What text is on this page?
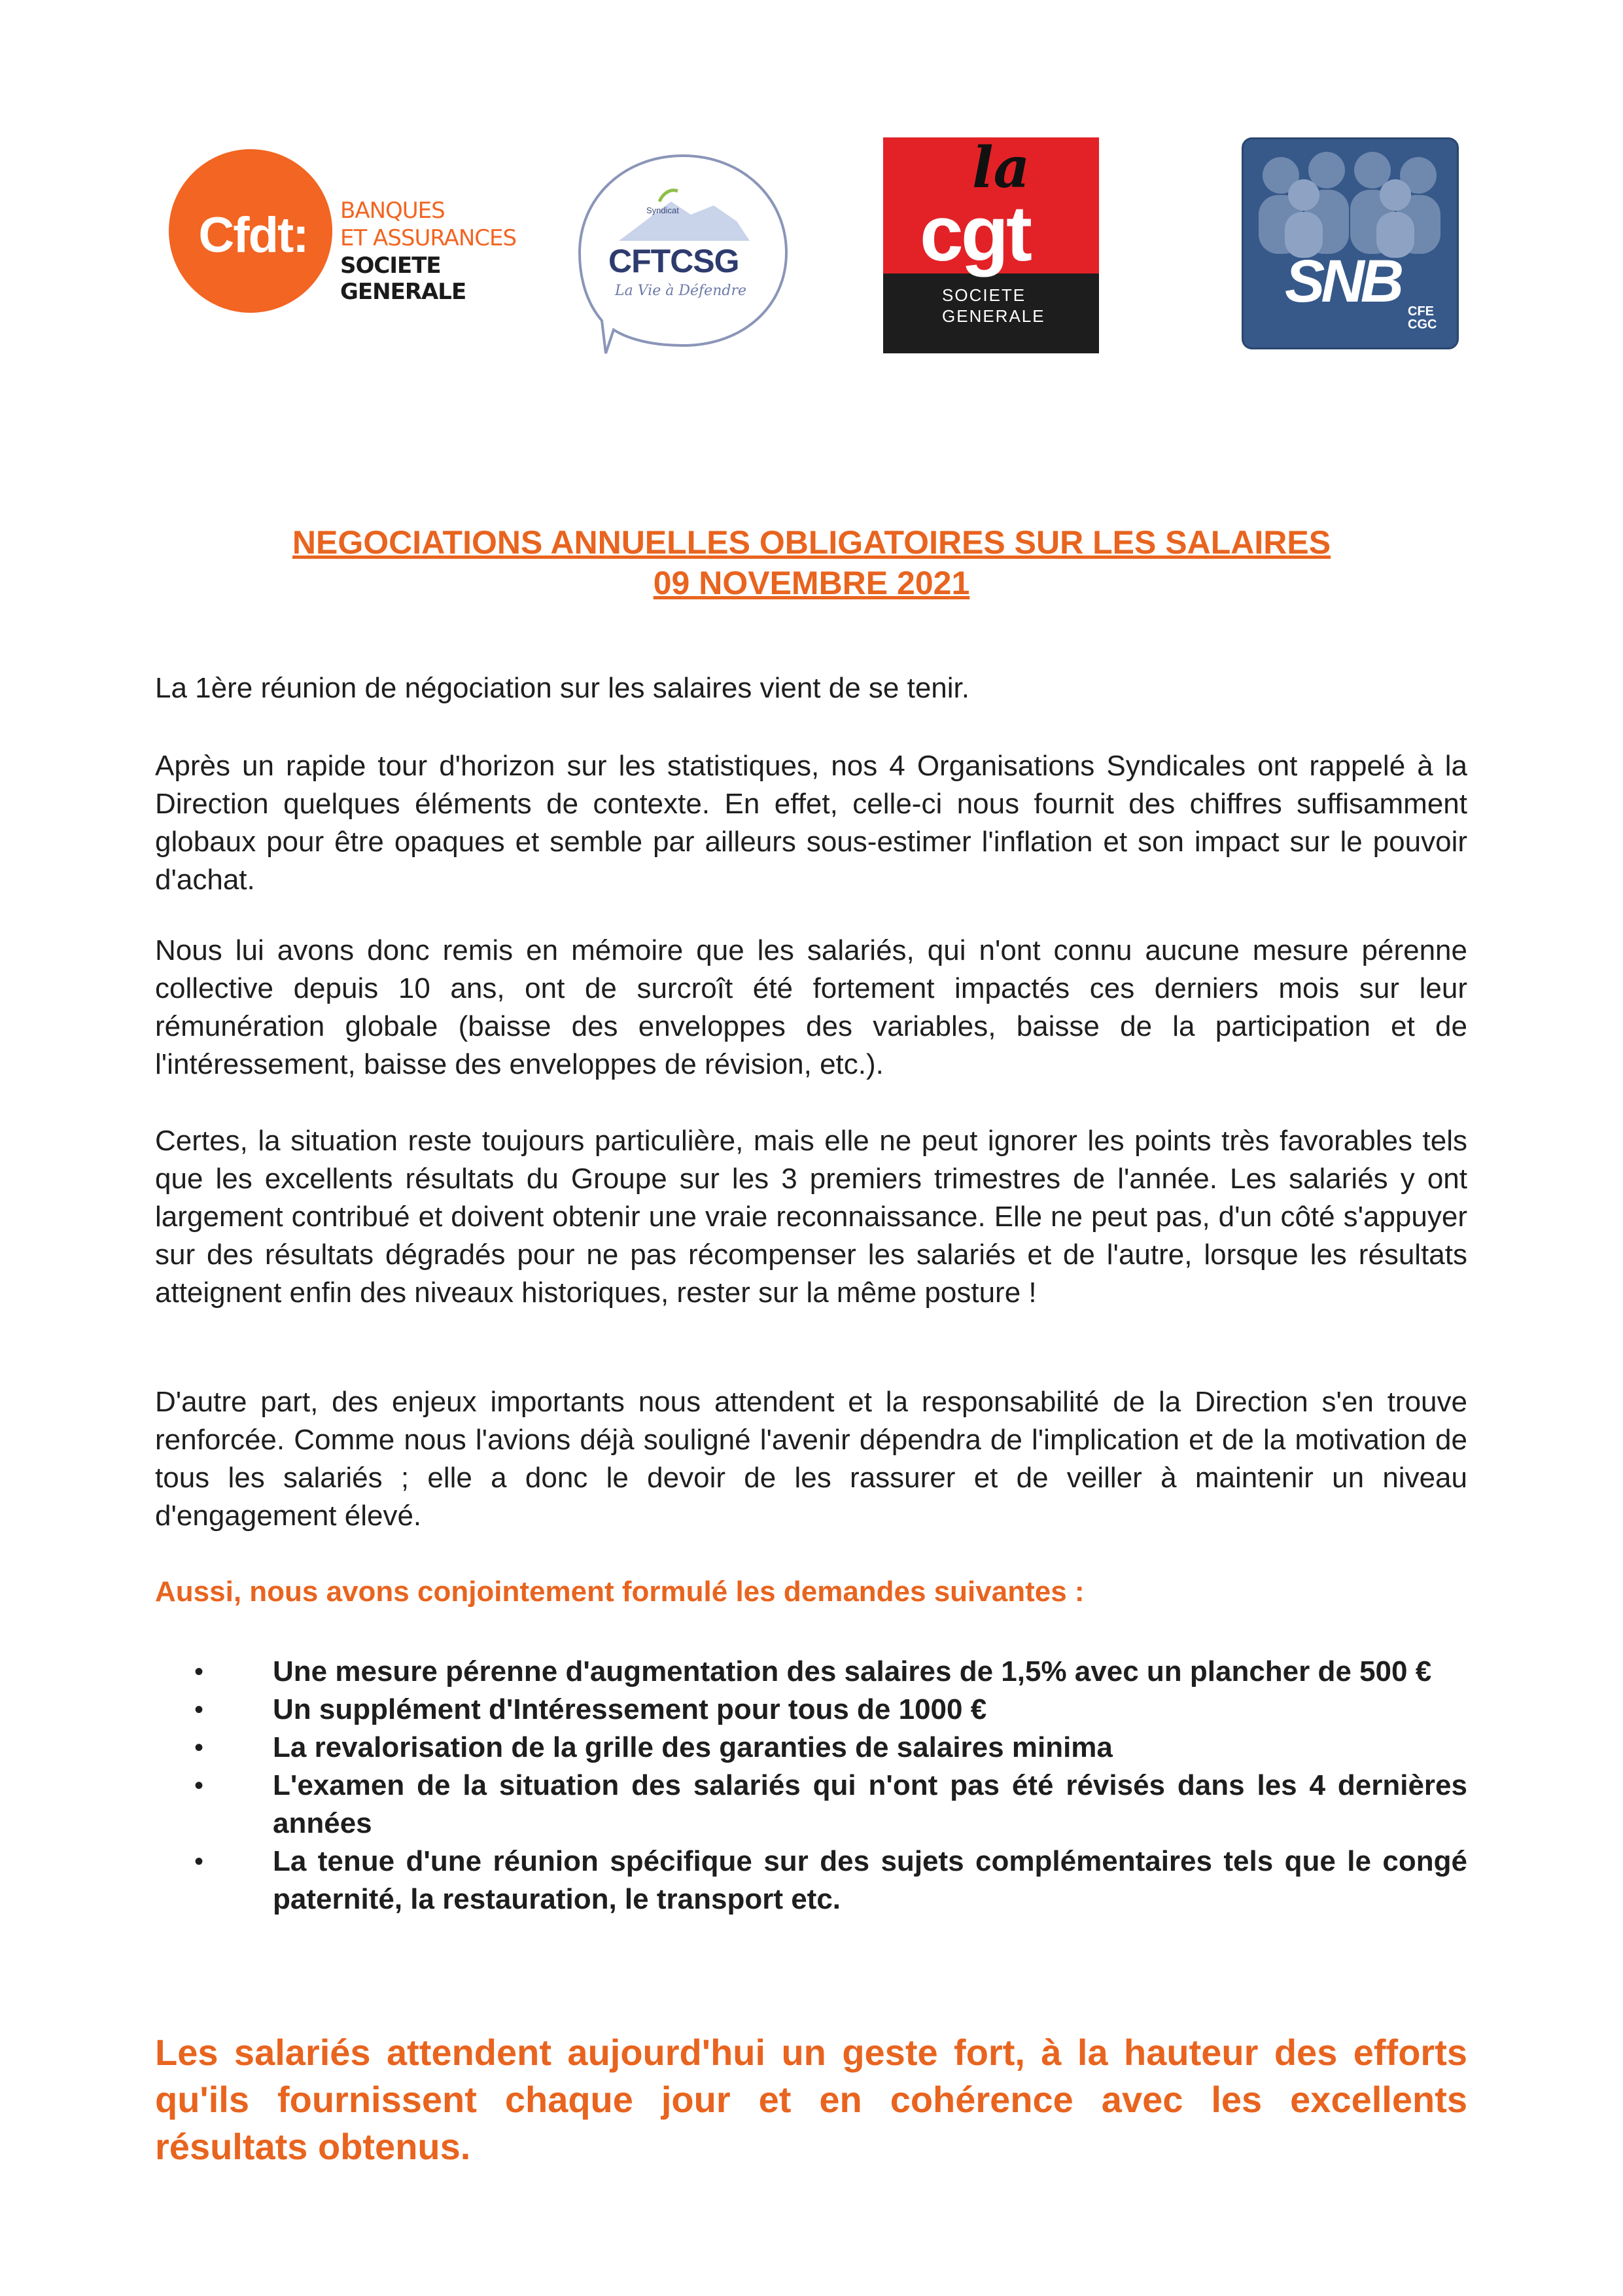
Cfdt:	BANQUES
ET ASSURANCES
SOCIETE GENERALE
Syndicat
CFTCSG
La Vie à Défendre
la
cgt
SOCIETE
GENERALE
SNB CFE
CGC
NEGOCIATIONS ANNUELLES OBLIGATOIRES SUR LES SALAIRES
09 NOVEMBRE 2021

La 1ère réunion de négociation sur les salaires vient de se tenir.

Après un rapide tour d'horizon sur les statistiques, nos 4 Organisations Syndicales ont rappelé à la Direction quelques éléments de contexte. En effet, celle-ci nous fournit des chiffres suffisamment globaux pour être opaques et semble par ailleurs sous-estimer l'inflation et son impact sur le pouvoir d'achat.

Nous lui avons donc remis en mémoire que les salariés, qui n'ont connu aucune mesure pérenne collective depuis 10 ans, ont de surcroît été fortement impactés ces derniers mois sur leur rémunération globale (baisse des enveloppes des variables, baisse de la participation et de l'intéressement, baisse des enveloppes de révision, etc.).

Certes, la situation reste toujours particulière, mais elle ne peut ignorer les points très favorables tels que les excellents résultats du Groupe sur les 3 premiers trimestres de l'année. Les salariés y ont largement contribué et doivent obtenir une vraie reconnaissance. Elle ne peut pas, d'un côté s'appuyer sur des résultats dégradés pour ne pas récompenser les salariés et de l'autre, lorsque les résultats atteignent enfin des niveaux historiques, rester sur la même posture !

D'autre part, des enjeux importants nous attendent et la responsabilité de la Direction s'en trouve renforcée. Comme nous l'avions déjà souligné l'avenir dépendra de l'implication et de la motivation de tous les salariés ; elle a donc le devoir de les rassurer et de veiller à maintenir un niveau d'engagement élevé.

Aussi, nous avons conjointement formulé les demandes suivantes :
• Une mesure pérenne d'augmentation des salaires de 1,5% avec un plancher de 500 €
• Un supplément d'Intéressement pour tous de 1000 €
• La revalorisation de la grille des garanties de salaires minima
• L'examen de la situation des salariés qui n'ont pas été révisés dans les 4 dernières années
• La tenue d'une réunion spécifique sur des sujets complémentaires tels que le congé paternité, la restauration, le transport etc.
Les salariés attendent aujourd'hui un geste fort, à la hauteur des efforts qu'ils fournissent chaque jour et en cohérence avec les excellents résultats obtenus.
